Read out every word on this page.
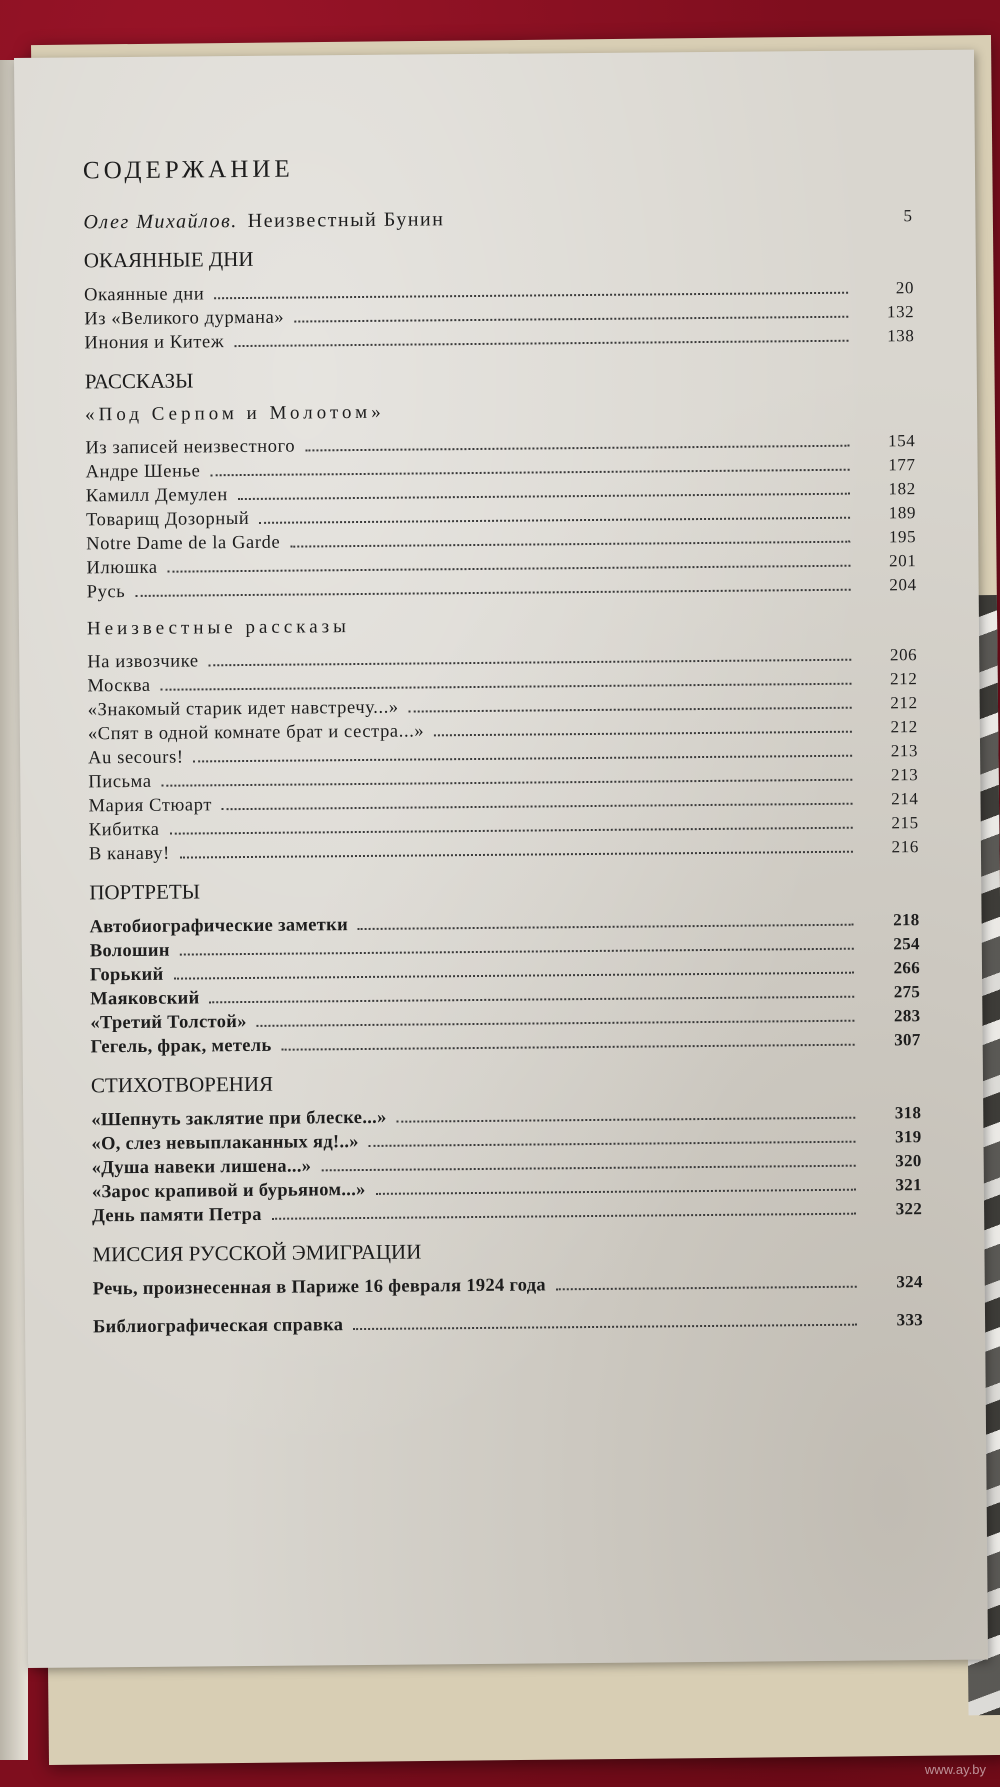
СОДЕРЖАНИЕ
Олег Михайлов. Неизвестный Бунин	5
ОКАЯННЫЕ ДНИ
Окаянные дни	20
Из «Великого дурмана»	132
Инония и Китеж	138
РАССКАЗЫ
«Под Серпом и Молотом»
Из записей неизвестного	154
Андре Шенье	177
Камилл Демулен	182
Товарищ Дозорный	189
Notre Dame de la Garde	195
Илюшка	201
Русь	204
Неизвестные рассказы
На извозчике	206
Москва	212
«Знакомый старик идет навстречу...»	212
«Спят в одной комнате брат и сестра...»	212
Au secours!	213
Письма	213
Мария Стюарт	214
Кибитка	215
В канаву!	216
ПОРТРЕТЫ
Автобиографические заметки	218
Волошин	254
Горький	266
Маяковский	275
«Третий Толстой»	283
Гегель, фрак, метель	307
СТИХОТВОРЕНИЯ
«Шепнуть заклятие при блеске...»	318
«О, слез невыплаканных яд!..»	319
«Душа навеки лишена...»	320
«Зарос крапивой и бурьяном...»	321
День памяти Петра	322
МИССИЯ РУССКОЙ ЭМИГРАЦИИ
Речь, произнесенная в Париже 16 февраля 1924 года	324
Библиографическая справка	333
www.ay.by
